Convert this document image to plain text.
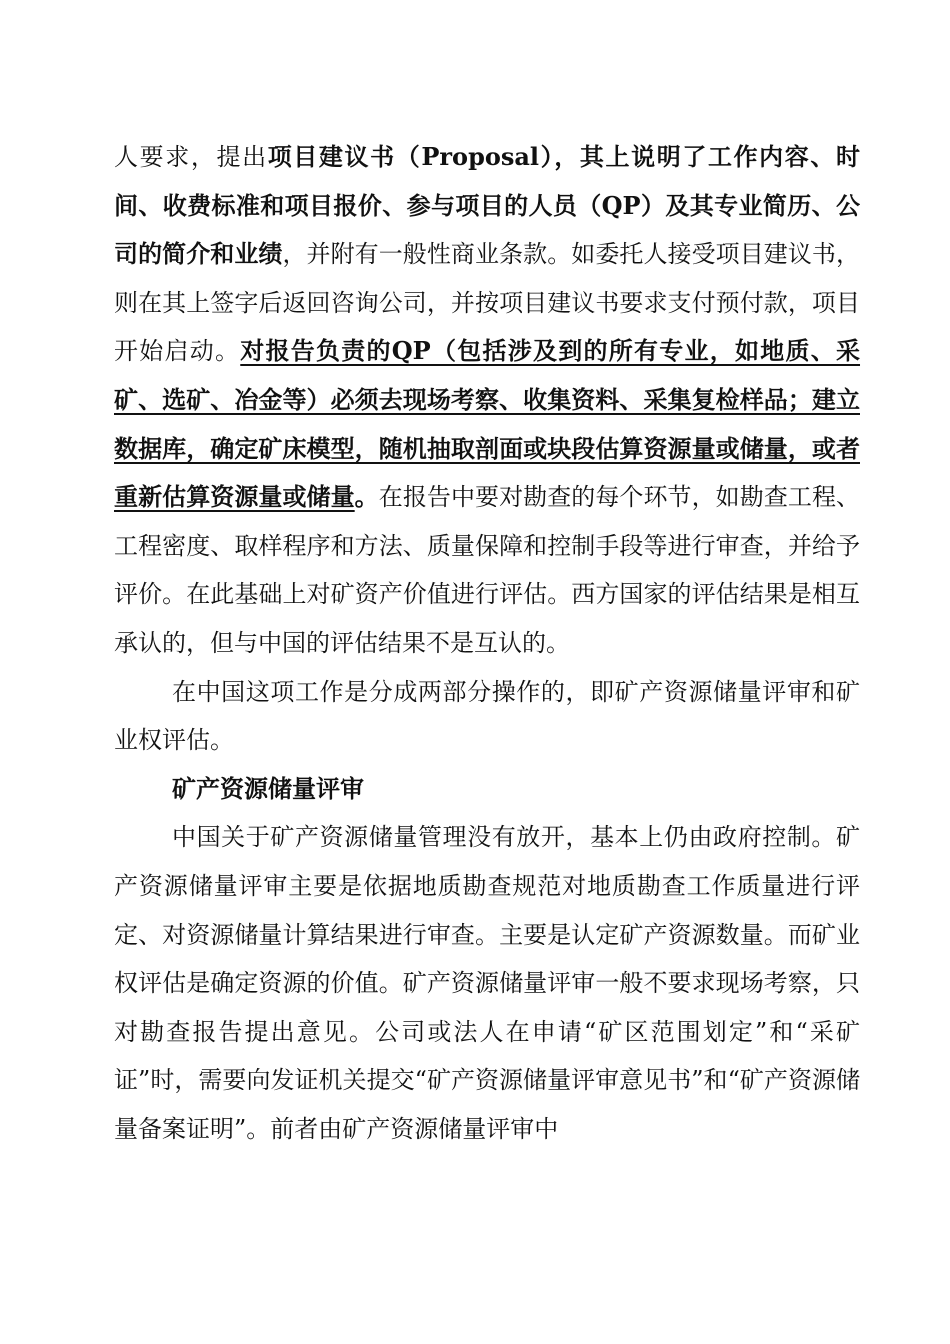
人要求，提出项目建议书（Proposal），其上说明了工作内容、时间、收费标准和项目报价、参与项目的人员（QP）及其专业简历、公司的简介和业绩，并附有一般性商业条款。如委托人接受项目建议书，则在其上签字后返回咨询公司，并按项目建议书要求支付预付款，项目开始启动。对报告负责的QP（包括涉及到的所有专业，如地质、采矿、选矿、冶金等）必须去现场考察、收集资料、采集复检样品；建立数据库，确定矿床模型，随机抽取剖面或块段估算资源量或储量，或者重新估算资源量或储量。在报告中要对勘查的每个环节，如勘查工程、工程密度、取样程序和方法、质量保障和控制手段等进行审查，并给予评价。在此基础上对矿资产价值进行评估。西方国家的评估结果是相互承认的，但与中国的评估结果不是互认的。

在中国这项工作是分成两部分操作的，即矿产资源储量评审和矿业权评估。

矿产资源储量评审

中国关于矿产资源储量管理没有放开，基本上仍由政府控制。矿产资源储量评审主要是依据地质勘查规范对地质勘查工作质量进行评定、对资源储量计算结果进行审查。主要是认定矿产资源数量。而矿业权评估是确定资源的价值。矿产资源储量评审一般不要求现场考察，只对勘查报告提出意见。公司或法人在申请“矿区范围划定”和“采矿证”时，需要向发证机关提交“矿产资源储量评审意见书”和“矿产资源储量备案证明”。前者由矿产资源储量评审中
